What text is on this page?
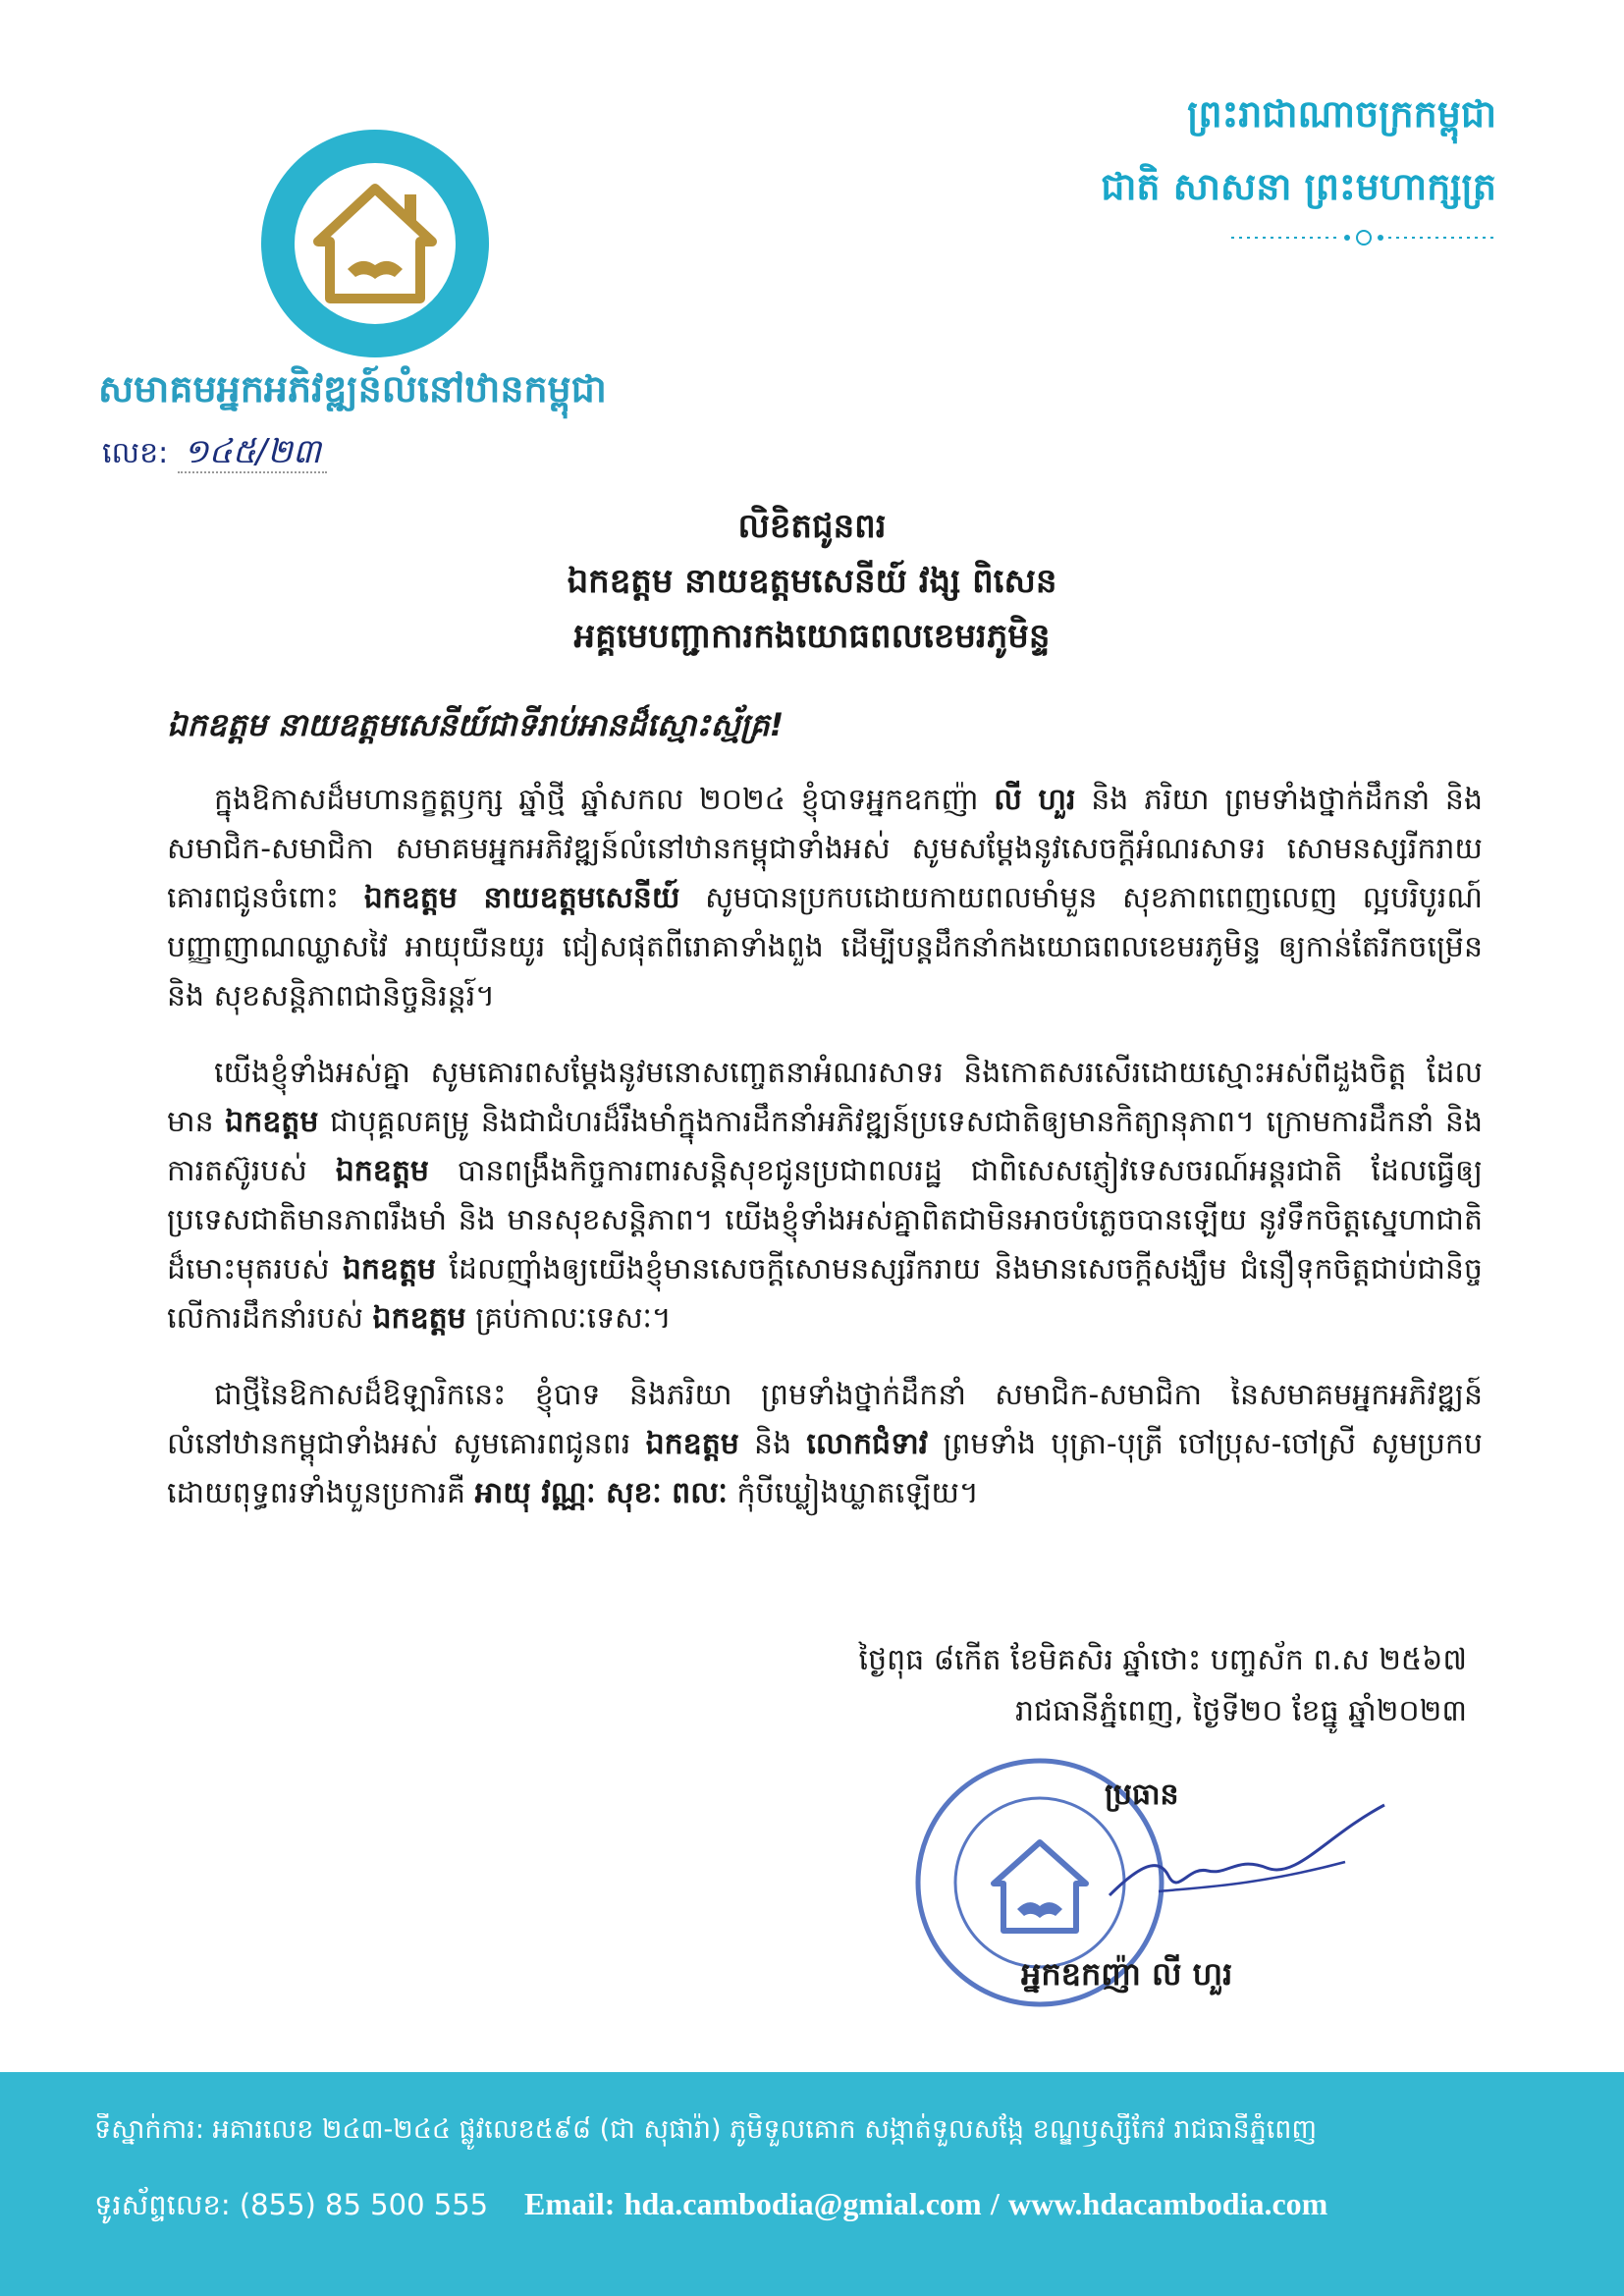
សមាគមអ្នកអភិវឌ្ឍន៍លំនៅឋានកម្ពុជា
លេខ: ១៤៥/២៣
ព្រះរាជាណាចក្រកម្ពុជា
ជាតិ សាសនា ព្រះមហាក្សត្រ
លិខិតជូនពរ
ឯកឧត្តម នាយឧត្តមសេនីយ៍ វង្ស ពិសេន
អគ្គមេបញ្ជាការកងយោធពលខេមរភូមិន្ទ
ឯកឧត្តម នាយឧត្តមសេនីយ៍ជាទីរាប់អានដ៏ស្មោះស្ម័គ្រ!

ក្នុងឱកាសដ៏មហានក្ខត្តឫក្ស ឆ្នាំថ្មី ឆ្នាំសកល ២០២៤ ខ្ញុំបាទអ្នកឧកញ៉ា លី ហួរ និង ភរិយា ព្រមទាំងថ្នាក់ដឹកនាំ និង សមាជិក-សមាជិកា សមាគមអ្នកអភិវឌ្ឍន៍លំនៅឋានកម្ពុជាទាំងអស់ សូមសម្តែងនូវសេចក្តីអំណរសាទរ សោមនស្សរីករាយ គោរពជូនចំពោះ ឯកឧត្តម នាយឧត្តមសេនីយ៍ សូមបានប្រកបដោយកាយពលមាំមួន សុខភាពពេញលេញ ល្អបរិបូរណ៍ បញ្ញាញាណឈ្លាសវៃ អាយុយឺនយូរ ជៀសផុតពីរោគាទាំងពួង ដើម្បីបន្តដឹកនាំកងយោធពលខេមរភូមិន្ទ ឲ្យកាន់តែរីកចម្រើន និង សុខសន្តិភាពជានិច្ចនិរន្តរ៍។

យើងខ្ញុំទាំងអស់គ្នា សូមគោរពសម្តែងនូវមនោសញ្ចេតនាអំណរសាទរ និងកោតសរសើរដោយស្មោះអស់ពីដួងចិត្ត ដែលមាន ឯកឧត្តម ជាបុគ្គលគម្រូ និងជាជំហរដ៏រឹងមាំក្នុងការដឹកនាំអភិវឌ្ឍន៍ប្រទេសជាតិឲ្យមានកិត្យានុភាព។ ក្រោមការដឹកនាំ និងការតស៊ូរបស់ ឯកឧត្តម បានពង្រឹងកិច្ចការពារសន្តិសុខជូនប្រជាពលរដ្ឋ ជាពិសេសភ្ញៀវទេសចរណ៍អន្តរជាតិ ដែលធ្វើឲ្យប្រទេសជាតិមានភាពរឹងមាំ និង មានសុខសន្តិភាព។ យើងខ្ញុំទាំងអស់គ្នាពិតជាមិនអាចបំភ្លេចបានឡើយ នូវទឹកចិត្តស្នេហាជាតិដ៏មោះមុតរបស់ ឯកឧត្តម ដែលញ៉ាំងឲ្យយើងខ្ញុំមានសេចក្តីសោមនស្សរីករាយ និងមានសេចក្តីសង្ឃឹម ជំនឿទុកចិត្តជាប់ជានិច្ច លើការដឹកនាំរបស់ ឯកឧត្តម គ្រប់កាលៈទេសៈ។

ជាថ្មីនៃឱកាសដ៏ឱឡារិកនេះ ខ្ញុំបាទ និងភរិយា ព្រមទាំងថ្នាក់ដឹកនាំ សមាជិក-សមាជិកា នៃសមាគមអ្នកអភិវឌ្ឍន៍លំនៅឋានកម្ពុជាទាំងអស់ សូមគោរពជូនពរ ឯកឧត្តម និង លោកជំទាវ ព្រមទាំង បុត្រា-បុត្រី ចៅប្រុស-ចៅស្រី សូមប្រកបដោយពុទ្ធពរទាំងបួនប្រការគឺ អាយុ វណ្ណៈ សុខៈ ពលៈ កុំបីឃ្លៀងឃ្លាតឡើយ។

ថ្ងៃពុធ ៨កើត ខែមិគសិរ ឆ្នាំថោះ បញ្ចស័ក ព.ស ២៥៦៧
រាជធានីភ្នំពេញ, ថ្ងៃទី២០ ខែធ្នូ ឆ្នាំ២០២៣
ប្រធាន
អ្នកឧកញ៉ា លី ហួរ
ទីស្នាក់ការ: អគារលេខ ២៤៣-២៤៤ ផ្លូវលេខ៥៩៨ (ជា សុផារ៉ា) ភូមិទួលគោក សង្កាត់ទួលសង្កែ ខណ្ឌឫស្សីកែវ រាជធានីភ្នំពេញ
ទូរស័ព្ទលេខ: (855) 85 500 555 Email: hda.cambodia@gmial.com / www.hdacambodia.com
